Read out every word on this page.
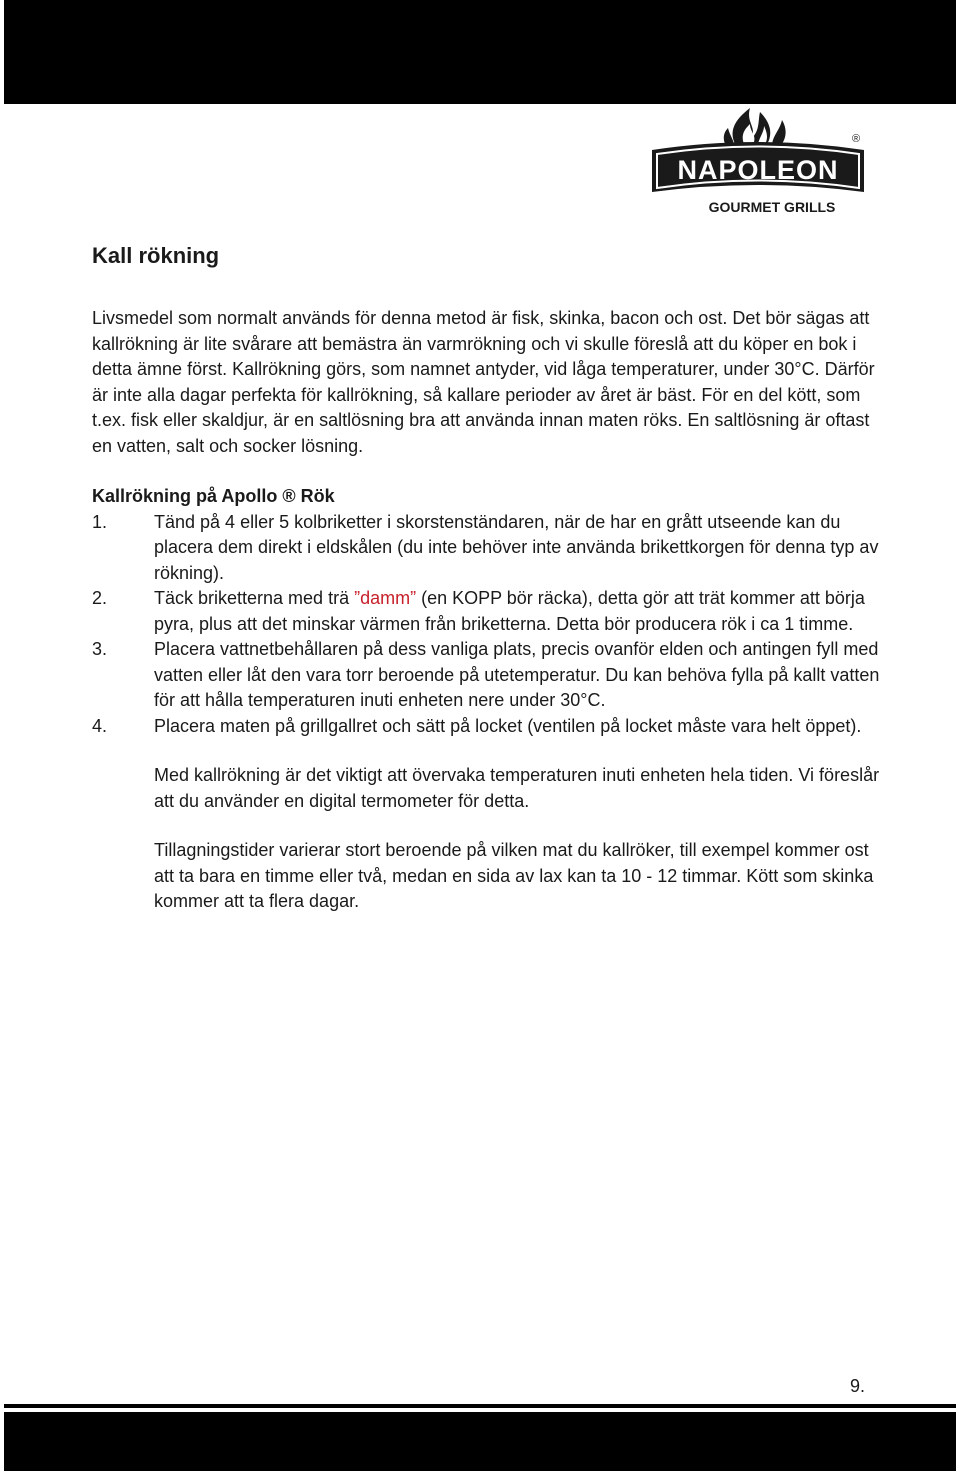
NAPOLEON
®
GOURMET GRILLS
Kall rökning

Livsmedel som normalt används för denna metod är fisk, skinka, bacon och ost. Det bör sägas att kallrökning är lite svårare att bemästra än varmrökning och vi skulle föreslå att du köper en bok i detta ämne först. Kallrökning görs, som namnet antyder, vid låga temperaturer, under 30°C. Därför är inte alla dagar perfekta för kallrökning, så kallare perioder av året är bäst. För en del kött, som t.ex. fisk eller skaldjur, är en saltlösning bra att använda innan maten röks. En saltlösning är oftast en vatten, salt och socker lösning.

Kallrökning på Apollo ® Rök
1.	Tänd på 4 eller 5 kolbriketter i skorstenständaren, när de har en grått utseende kan du placera dem direkt i eldskålen (du inte behöver inte använda brikettkorgen för denna typ av rökning).
2.	Täck briketterna med trä ”damm” (en KOPP bör räcka), detta gör att trät kommer att börja pyra, plus att det minskar värmen från briketterna. Detta bör producera rök i ca 1 timme.
3.	Placera vattnetbehållaren på dess vanliga plats, precis ovanför elden och antingen fyll med vatten eller låt den vara torr beroende på utetemperatur. Du kan behöva fylla på kallt vatten för att hålla temperaturen inuti enheten nere under 30°C.
4.	Placera maten på grillgallret och sätt på locket (ventilen på locket måste vara helt öppet).

Med kallrökning är det viktigt att övervaka temperaturen inuti enheten hela tiden. Vi föreslår att du använder en digital termometer för detta.

Tillagningstider varierar stort beroende på vilken mat du kallröker, till exempel kommer ost att ta bara en timme eller två, medan en sida av lax kan ta 10 - 12 timmar. Kött som skinka kommer att ta flera dagar.

9.
